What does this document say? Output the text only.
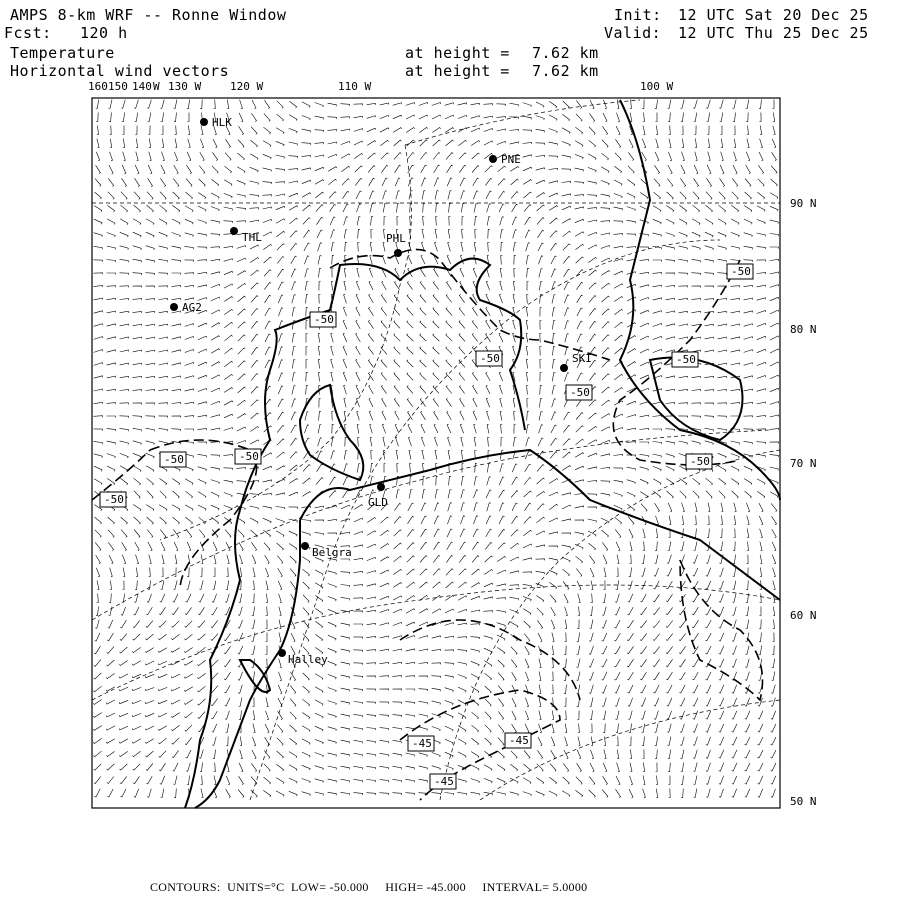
AMPS 8-km WRF -- Ronne Window
Fcst: 120 h
Temperature
Horizontal wind vectors
at height = 7.62 km
at height = 7.62 km
Init: 12 UTC Sat 20 Dec 25
Valid: 12 UTC Thu 25 Dec 25
160 150 140 W 130 W	120 W	110 W	100 W
90 N
80 N
70 N
60 N
50 N
HLK
PNE
THL	PHL
AG2
SKI
GLD
Belgra
Halley
-50
-50
-50	-50
-50
-50	-50	-50
-50
-45	-45
-45
CONTOURS: UNITS=°C LOW= -50.000 HIGH= -45.000 INTERVAL= 5.0000
